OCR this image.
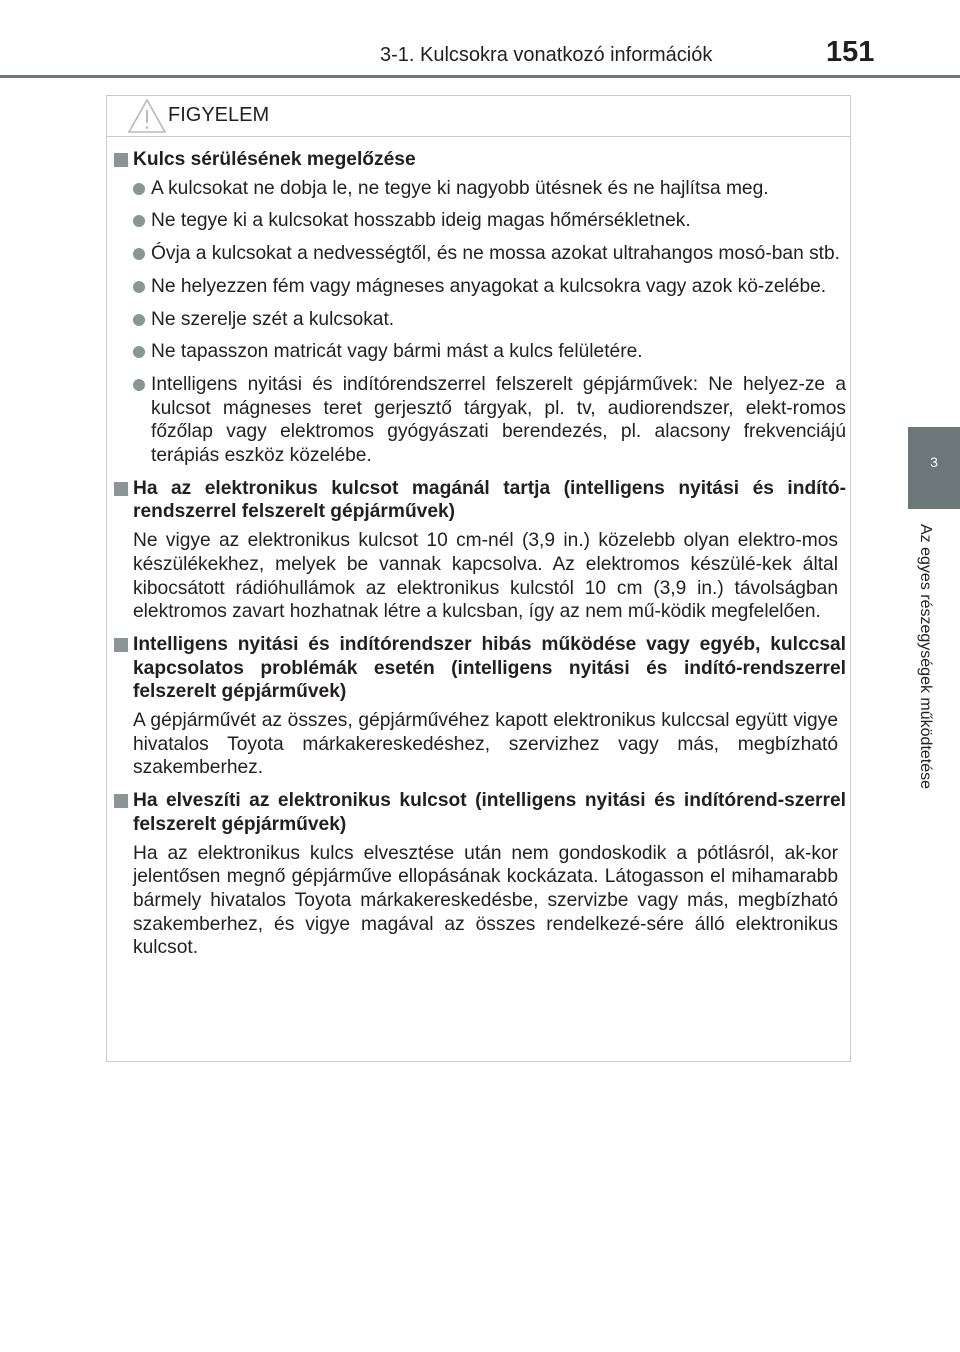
3-1. Kulcsokra vonatkozó információk	151
3
Az egyes részegységek működtetése
FIGYELEM
Kulcs sérülésének megelőzése
A kulcsokat ne dobja le, ne tegye ki nagyobb ütésnek és ne hajlítsa meg.
Ne tegye ki a kulcsokat hosszabb ideig magas hőmérsékletnek.
Óvja a kulcsokat a nedvességtől, és ne mossa azokat ultrahangos mosó-ban stb.
Ne helyezzen fém vagy mágneses anyagokat a kulcsokra vagy azok kö-zelébe.
Ne szerelje szét a kulcsokat.
Ne tapasszon matricát vagy bármi mást a kulcs felületére.
Intelligens nyitási és indítórendszerrel felszerelt gépjárművek: Ne helyez-ze a kulcsot mágneses teret gerjesztő tárgyak, pl. tv, audiorendszer, elekt-romos főzőlap vagy elektromos gyógyászati berendezés, pl. alacsony frekvenciájú terápiás eszköz közelébe.
Ha az elektronikus kulcsot magánál tartja (intelligens nyitási és indító-rendszerrel felszerelt gépjárművek)
Ne vigye az elektronikus kulcsot 10 cm-nél (3,9 in.) közelebb olyan elektro-mos készülékekhez, melyek be vannak kapcsolva. Az elektromos készülé-kek által kibocsátott rádióhullámok az elektronikus kulcstól 10 cm (3,9 in.) távolságban elektromos zavart hozhatnak létre a kulcsban, így az nem mű-ködik megfelelően.
Intelligens nyitási és indítórendszer hibás működése vagy egyéb, kulccsal kapcsolatos problémák esetén (intelligens nyitási és indító-rendszerrel felszerelt gépjárművek)
A gépjárművét az összes, gépjárművéhez kapott elektronikus kulccsal együtt vigye hivatalos Toyota márkakereskedéshez, szervizhez vagy más, megbízható szakemberhez.
Ha elveszíti az elektronikus kulcsot (intelligens nyitási és indítórend-szerrel felszerelt gépjárművek)
Ha az elektronikus kulcs elvesztése után nem gondoskodik a pótlásról, ak-kor jelentősen megnő gépjárműve ellopásának kockázata. Látogasson el mihamarabb bármely hivatalos Toyota márkakereskedésbe, szervizbe vagy más, megbízható szakemberhez, és vigye magával az összes rendelkezé-sére álló elektronikus kulcsot.
